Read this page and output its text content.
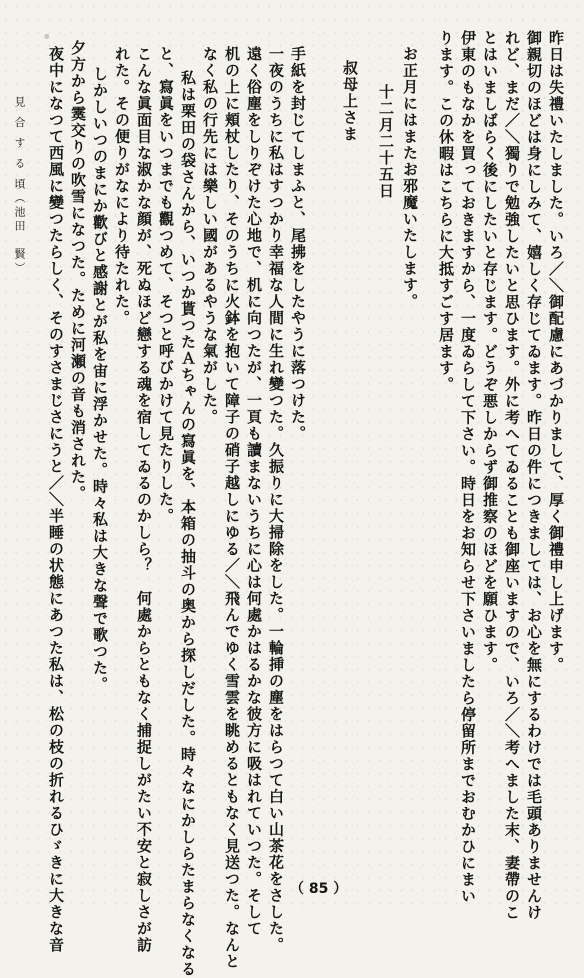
昨日は失禮いたしました。いろ／＼御配慮にあづかりまして、厚く御禮申し上げます。
御親切のほどは身にしみて、嬉しく存じてゐます。昨日の件につきましては、お心を無にするわけでは毛頭ありませんけ
れど、まだ／＼獨りで勉強したいと思ひます。外に考へてゐることも御座いますので、いろ／＼考へました末、妻帶のこ
とはいましばらく後にしたいと存じます。どうぞ悪しからず御推察のほどを願ひます。
伊東のもなかを買っておきますから、一度ゐらして下さい。時日をお知らせ下さいましたら停留所までおむかひにまい
ります。この休暇はこちらに大抵すごす居ます。
お正月にはまたお邪魔いたします。
十二月二十五日
叔母上さま
手紙を封じてしまふと、尾拂をしたやうに落つけた。
一夜のうちに私はすつかり幸福な人間に生れ變つた。久振りに大掃除をした。一輪挿の塵をはらつて白い山茶花をさした。
遠く俗塵をしりぞけた心地で、机に向つたが、一頁も讀まないうちに心は何處かはるかな彼方に吸はれていつた。そして
机の上に頬杖したり、そのうちに火鉢を抱いて障子の硝子越しにゆる／＼飛んでゆく雪雲を眺めるともなく見送つた。なんと
なく私の行先には樂しい國があるやうな氣がした。
私は栗田の袋さんから、いつか貰つたＡちゃんの寫眞を、本箱の抽斗の奥から探しだした。時々なにかしらたまらなくなる
と、寫眞をいつまでも觀つめて、そつと呼びかけて見たりした。
こんな眞面目な淑かな顔が、死ぬほど戀する魂を宿してゐるのかしら？　何處からともなく捕捉しがたい不安と寂しさが訪
れた。その便りがなにより待たれた。
しかしいつのまにか歡びと感謝とが私を宙に浮かせた。時々私は大きな聲で歌つた。
夕方から霙交りの吹雪になつた。ために河瀬の音も消された。
夜中になつて西風に變つたらしく、そのすさまじさにうと／＼半睡の状態にあつた私は、松の枝の折れるひゞきに大きな音
見 合 す る 頃（池田　賢）
（ 85 ）
